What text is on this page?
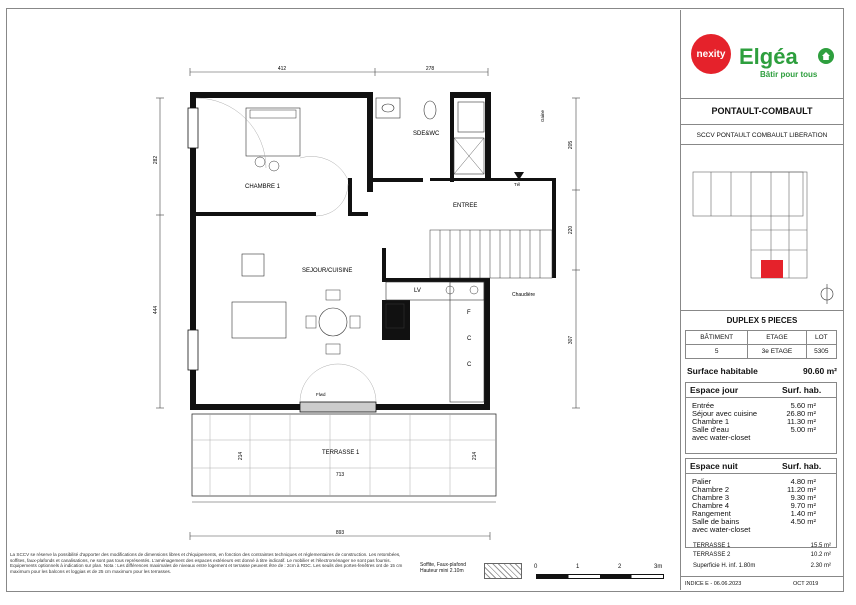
412	278
282
444
205
220
307
893
713
214	214
CHAMBRE 1
SDE&WC
ENTREE
SEJOUR/CUISINE
TERRASSE 1
LV
F
C
C
Chaudière
Gaine
Tél
Flwd
nexity Elgéa
Bâtir pour tous
PONTAULT-COMBAULT
SCCV PONTAULT COMBAULT LIBERATION
DUPLEX 5 PIECES
BÂTIMENT	ETAGE	LOT
5	3e ETAGE	5305
Surface habitable	90.60 m²
Espace jour	Surf. hab.
Entrée	5.60 m²
Séjour avec cuisine	26.80 m²
Chambre 1	11.30 m²
Salle d'eau	5.00 m²
avec water-closet
Espace nuit	Surf. hab.
Palier	4.80 m²
Chambre 2	11.20 m²
Chambre 3	9.30 m²
Chambre 4	9.70 m²
Rangement	1.40 m²
Salle de bains	4.50 m²
avec water-closet
TERRASSE 1	15.5 m²
TERRASSE 2	10.2 m²
Superficie H. inf. 1.80m	2.30 m²
INDICE E - 06.06.2023	OCT 2019
La SCCV se réserve la possibilité d'apporter des modifications de dimensions libres et d'équipements, en fonction des contraintes techniques et réglementaires de construction. Les retombées, soffites, faux-plafonds et canalisations, ne sont pas tous représentés. L'aménagement des espaces extérieurs est donné à titre indicatif. Le mobilier et l'électroménager ne sont pas fournis. Equipements optionnels à indication sur plan. Nota : Les différences maximales de niveaux entre logement et terrasse peuvent être de : 2cm à RDC. Les seuils des portes-fenêtres ont de 15 cm maximum pour les balcons et loggias et de 25 cm maximum pour les terrasses.
Soffite, Faux-plafond
Hauteur mini 2.10m
0	1	2	3m
